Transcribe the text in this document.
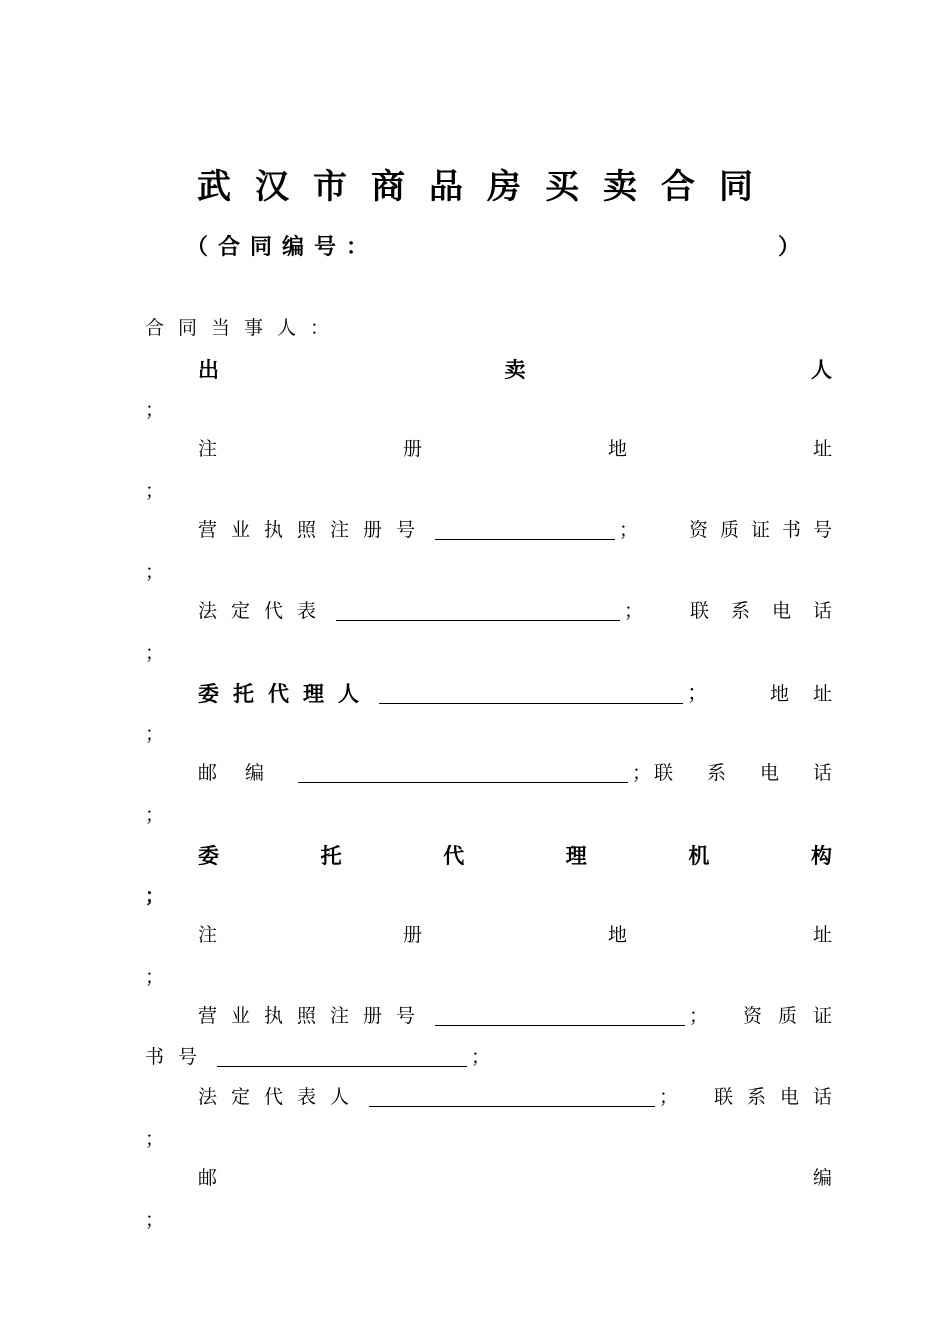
武汉市商品房买卖合同
（合同编号：	）
合同当事人：
出	卖	人
；
注	册	地	址
；
营业执照注册号	；	资质证书号
；
法定代表	； 联系电话
；
委托代理人	；	地址
；
邮编	； 联系电话
；
委	托	代	理	机	构
；
注	册	地	址
；
营业执照注册号	； 资质证
书号	；
法定代表人	； 联系电话
；
邮	编
；
